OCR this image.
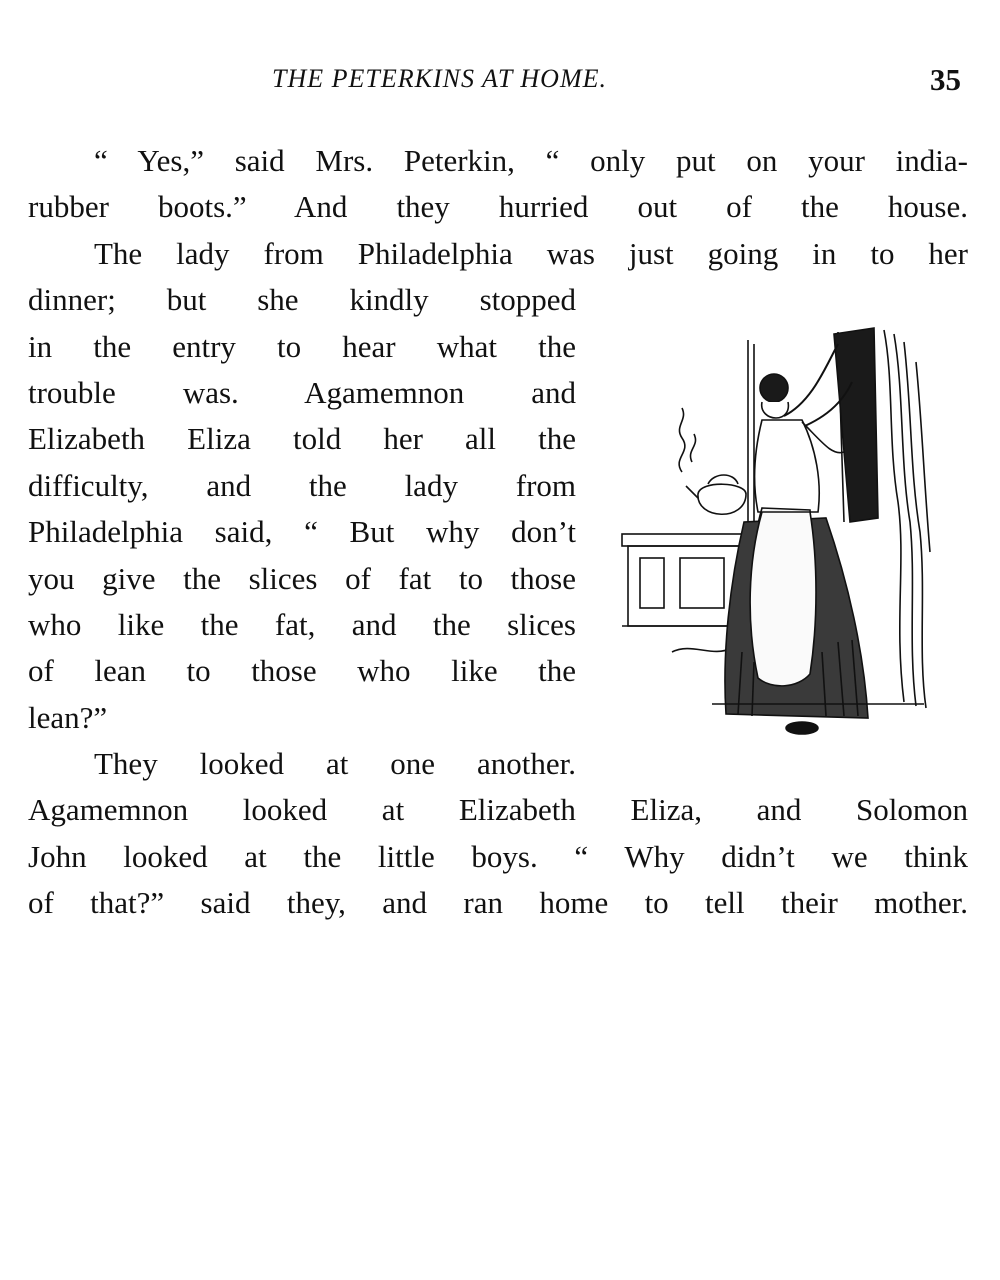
THE PETERKINS AT HOME.	35
“ Yes,” said Mrs. Peterkin, “ only put on your india-
rubber boots.” And they hurried out of the house.
The lady from Philadelphia was just going in to her
dinner; but she kindly stopped
in the entry to hear what the
trouble was. Agamemnon and
Elizabeth Eliza told her all the
difficulty, and the lady from
Philadelphia said, “ But why don’t
you give the slices of fat to those
who like the fat, and the slices
of lean to those who like the
lean?”
They looked at one another.
Agamemnon looked at Elizabeth Eliza, and Solomon
John looked at the little boys. “ Why didn’t we think
of that?” said they, and ran home to tell their mother.
